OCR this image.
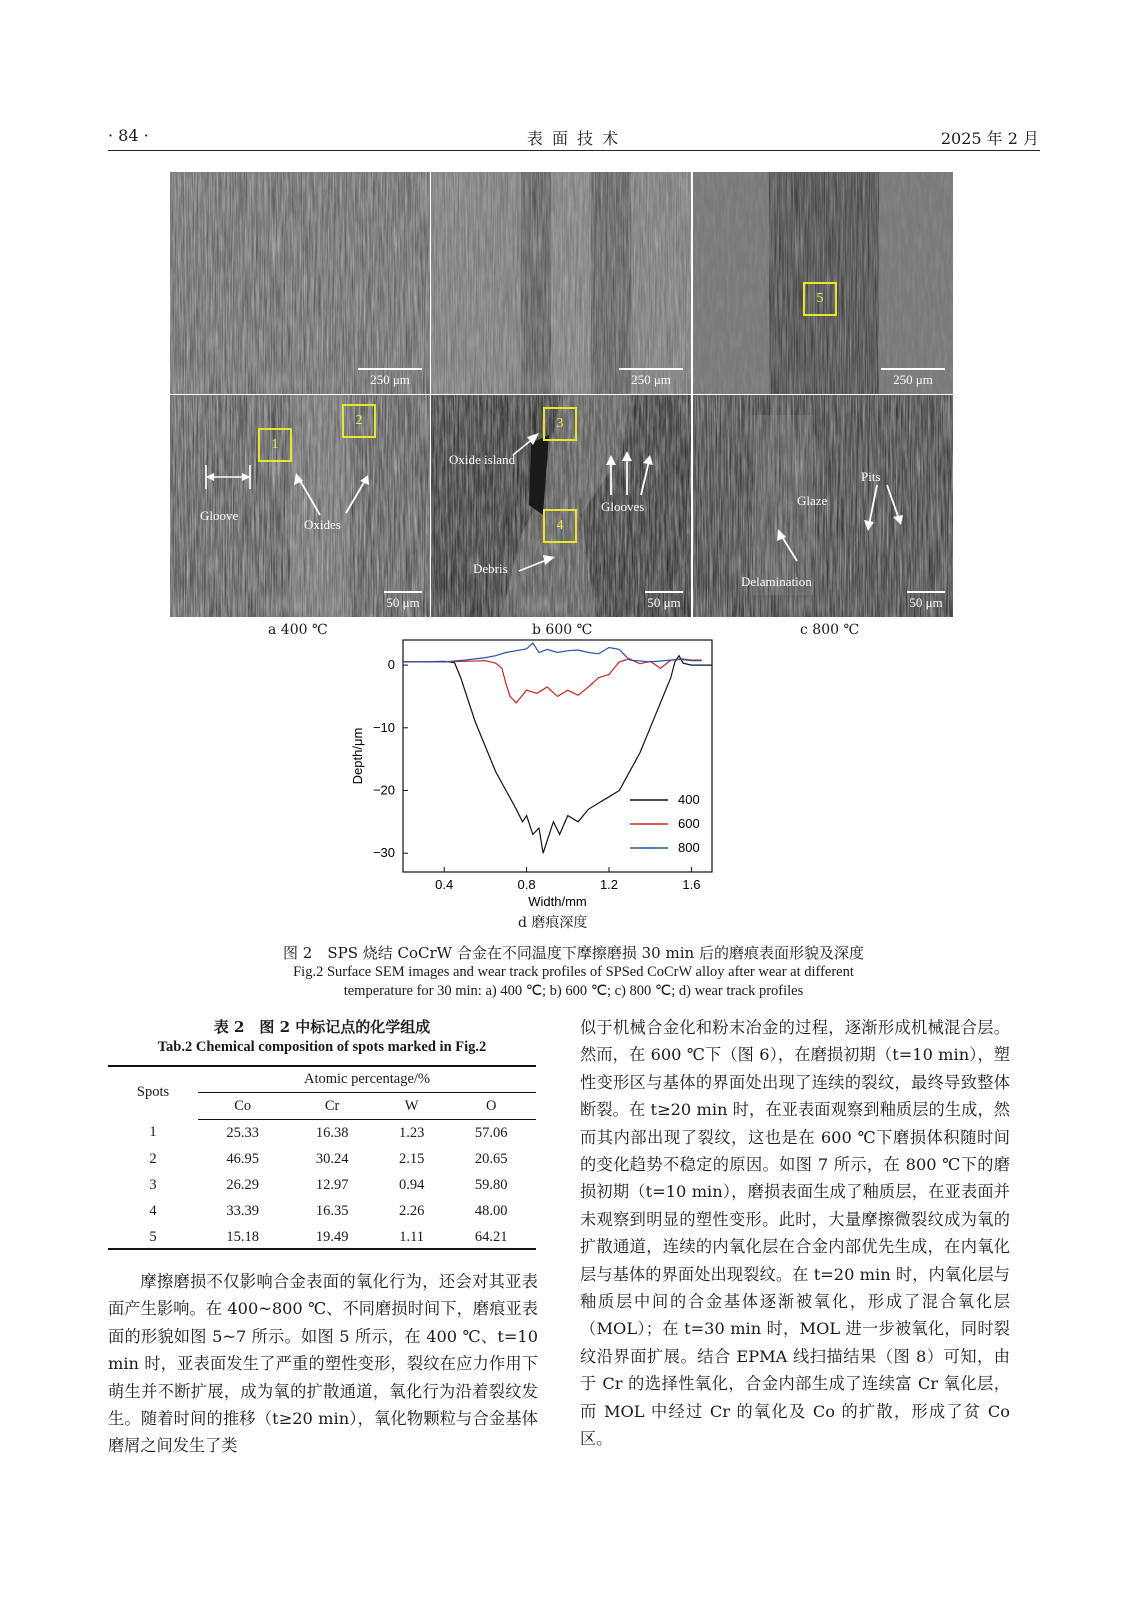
· 84 ·	表 面 技 术	2025 年 2 月
250 μm	250 μm
5
250 μm
1
2
Gloove
Oxides
50 μm
3
4
Oxide island
Glooves
Debris
50 μm
Glaze
Pits
Delamination
50 μm
a 400 ℃	b 600 ℃	c 800 ℃
0.4	0.8	1.2	1.6
0
−10
−20
−30
Width/mm
Depth/μm
400
600
800
d 磨痕深度
图 2　SPS 烧结 CoCrW 合金在不同温度下摩擦磨损 30 min 后的磨痕表面形貌及深度
Fig.2 Surface SEM images and wear track profiles of SPSed CoCrW alloy after wear at different
temperature for 30 min: a) 400 ℃; b) 600 ℃; c) 800 ℃; d) wear track profiles
表 2　图 2 中标记点的化学组成
Tab.2 Chemical composition of spots marked in Fig.2
Spots	Atomic percentage/%			
	Co	Cr	W	O
1	25.33	16.38	1.23	57.06
2	46.95	30.24	2.15	20.65
3	26.29	12.97	0.94	59.80
4	33.39	16.35	2.26	48.00
5	15.18	19.49	1.11	64.21

摩擦磨损不仅影响合金表面的氧化行为，还会对其亚表面产生影响。在 400~800 ℃、不同磨损时间下，磨痕亚表面的形貌如图 5~7 所示。如图 5 所示，在 400 ℃、t=10 min 时，亚表面发生了严重的塑性变形，裂纹在应力作用下萌生并不断扩展，成为氧的扩散通道，氧化行为沿着裂纹发生。随着时间的推移（t≥20 min），氧化物颗粒与合金基体磨屑之间发生了类

似于机械合金化和粉末冶金的过程，逐渐形成机械混合层。然而，在 600 ℃下（图 6），在磨损初期（t=10 min），塑性变形区与基体的界面处出现了连续的裂纹，最终导致整体断裂。在 t≥20 min 时，在亚表面观察到釉质层的生成，然而其内部出现了裂纹，这也是在 600 ℃下磨损体积随时间的变化趋势不稳定的原因。如图 7 所示，在 800 ℃下的磨损初期（t=10 min），磨损表面生成了釉质层，在亚表面并未观察到明显的塑性变形。此时，大量摩擦微裂纹成为氧的扩散通道，连续的内氧化层在合金内部优先生成，在内氧化层与基体的界面处出现裂纹。在 t=20 min 时，内氧化层与釉质层中间的合金基体逐渐被氧化，形成了混合氧化层（MOL）；在 t=30 min 时，MOL 进一步被氧化，同时裂纹沿界面扩展。结合 EPMA 线扫描结果（图 8）可知，由于 Cr 的选择性氧化，合金内部生成了连续富 Cr 氧化层，而 MOL 中经过 Cr 的氧化及 Co 的扩散，形成了贫 Co 区。
